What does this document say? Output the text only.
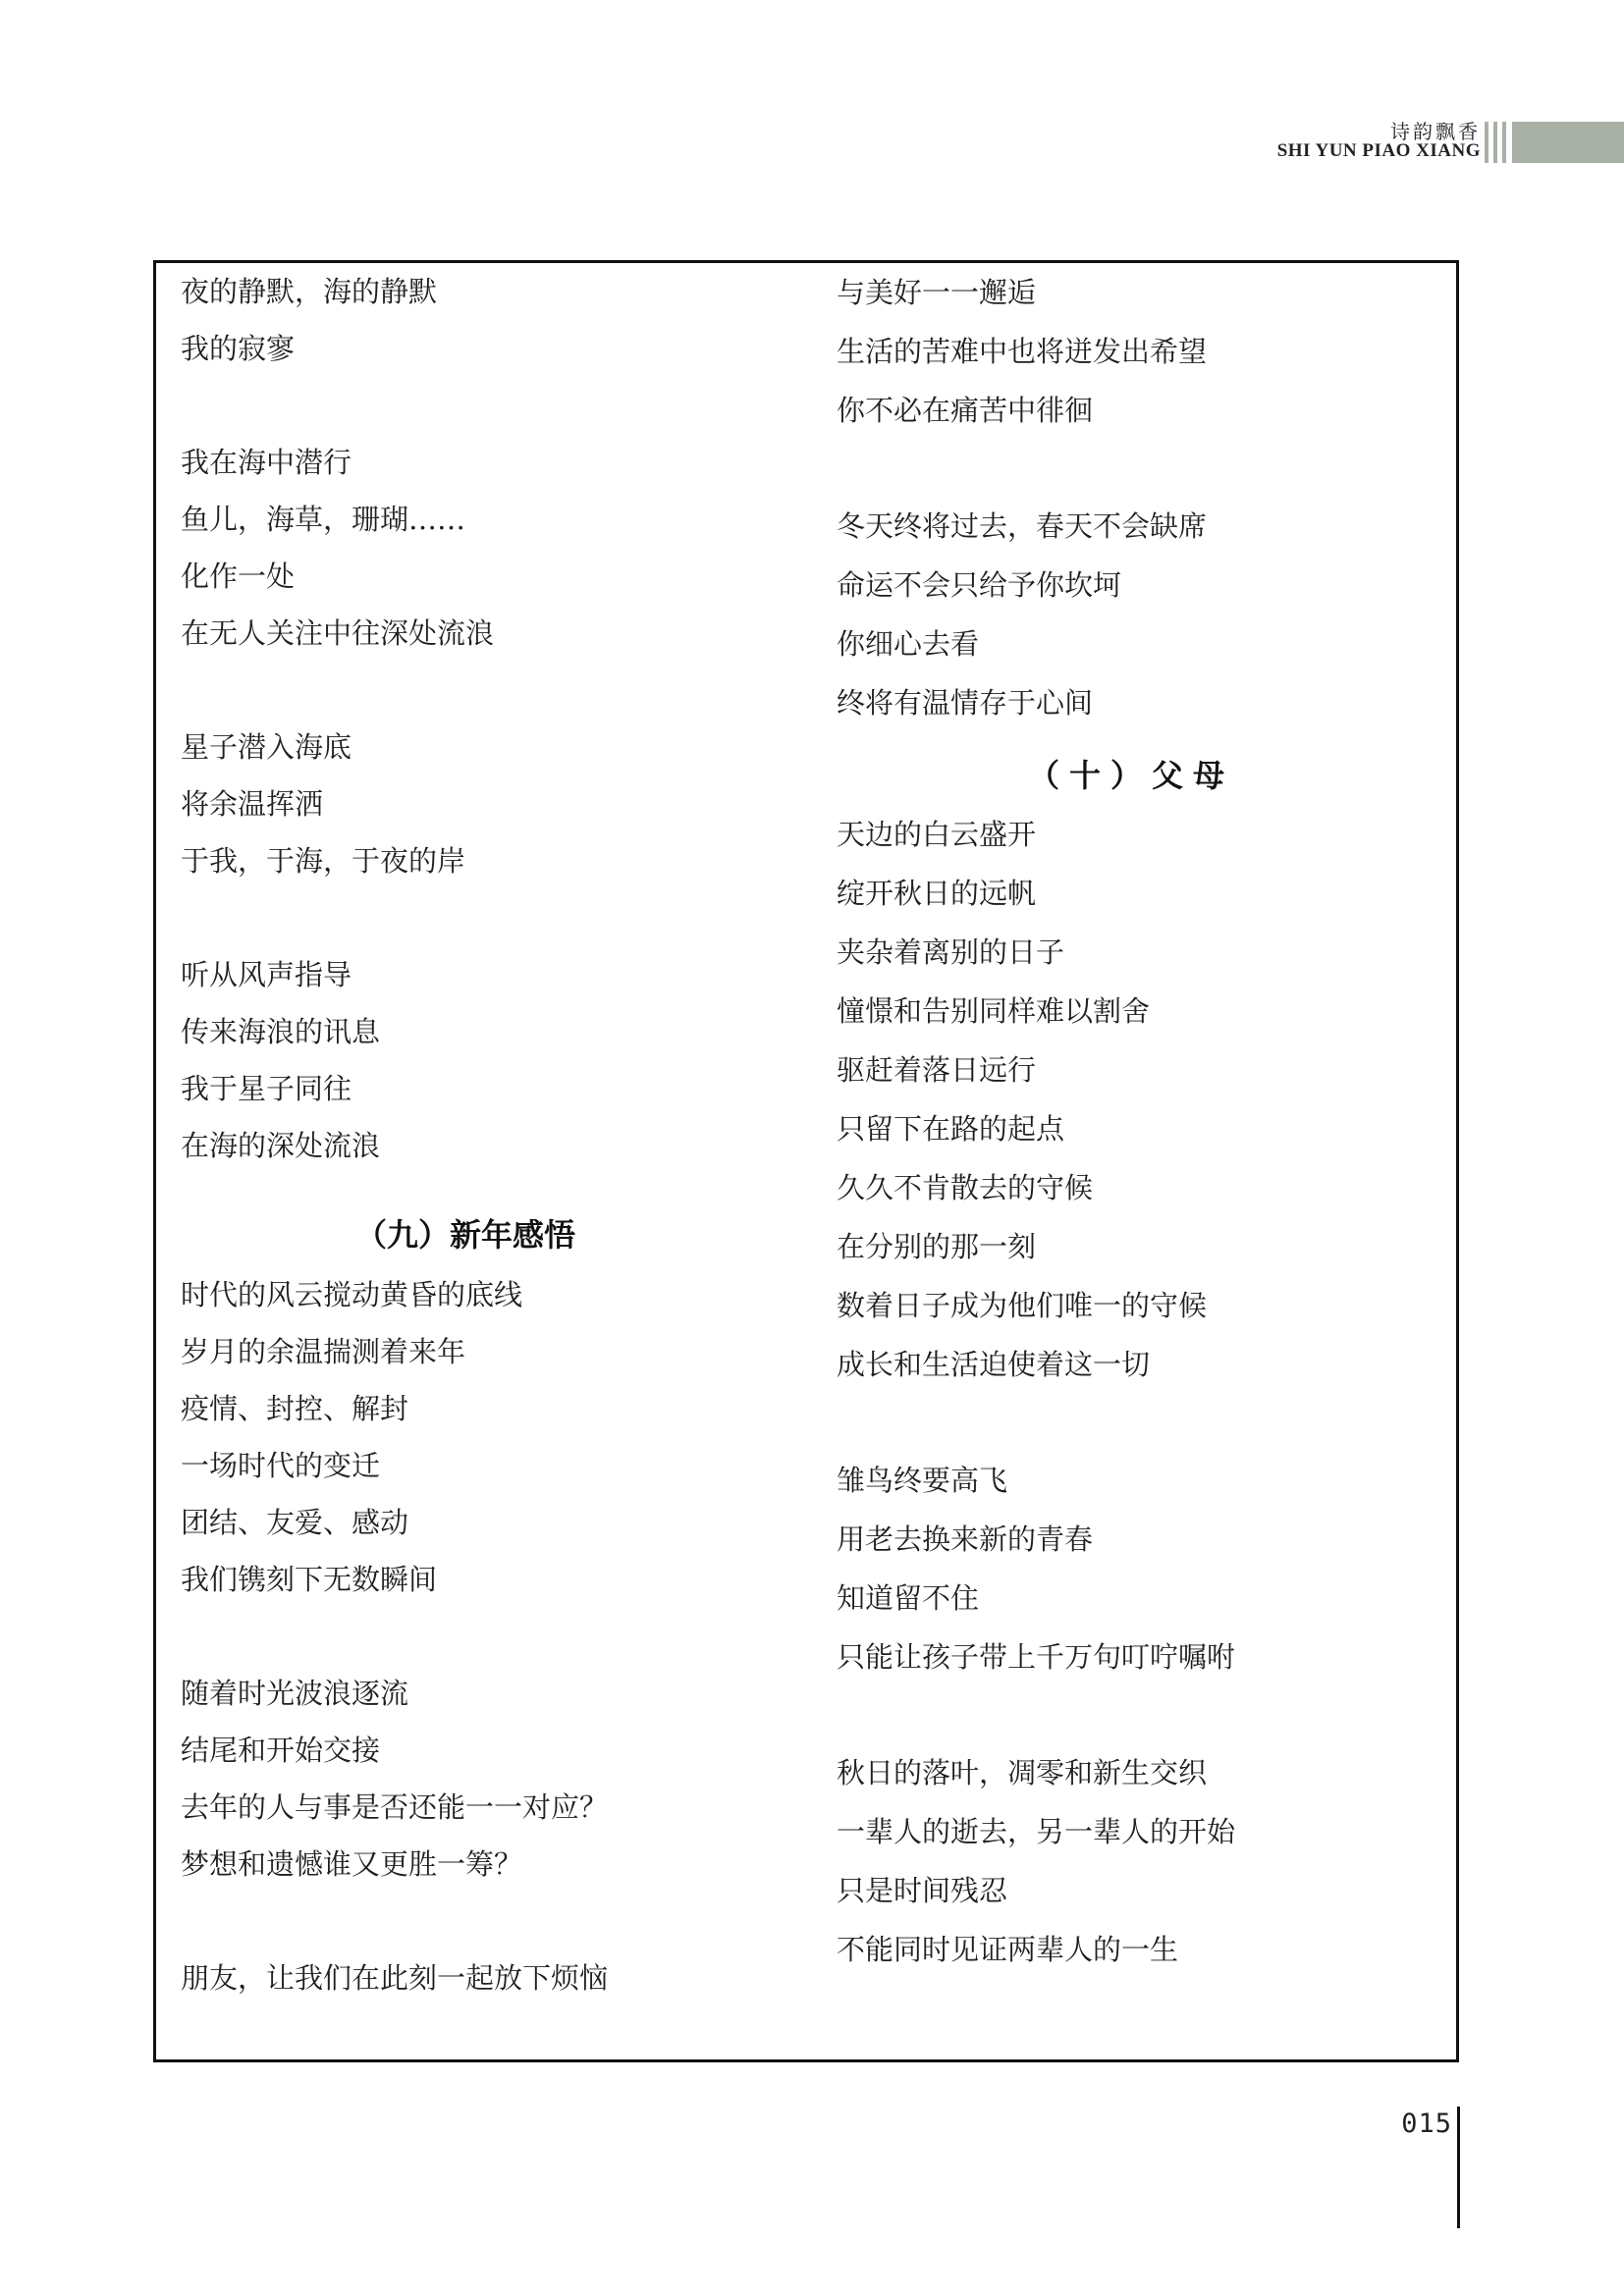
诗韵飘香
SHI YUN PIAO XIANG
夜的静默，海的静默
我的寂寥
我在海中潜行
鱼儿，海草，珊瑚……
化作一处
在无人关注中往深处流浪
星子潜入海底
将余温挥洒
于我，于海，于夜的岸
听从风声指导
传来海浪的讯息
我于星子同往
在海的深处流浪
（九）新年感悟
时代的风云搅动黄昏的底线
岁月的余温揣测着来年
疫情、封控、解封
一场时代的变迁
团结、友爱、感动
我们镌刻下无数瞬间
随着时光波浪逐流
结尾和开始交接
去年的人与事是否还能一一对应？
梦想和遗憾谁又更胜一筹？
朋友，让我们在此刻一起放下烦恼
与美好一一邂逅
生活的苦难中也将迸发出希望
你不必在痛苦中徘徊
冬天终将过去，春天不会缺席
命运不会只给予你坎坷
你细心去看
终将有温情存于心间
（十）父母
天边的白云盛开
绽开秋日的远帆
夹杂着离别的日子
憧憬和告别同样难以割舍
驱赶着落日远行
只留下在路的起点
久久不肯散去的守候
在分别的那一刻
数着日子成为他们唯一的守候
成长和生活迫使着这一切
雏鸟终要高飞
用老去换来新的青春
知道留不住
只能让孩子带上千万句叮咛嘱咐
秋日的落叶，凋零和新生交织
一辈人的逝去，另一辈人的开始
只是时间残忍
不能同时见证两辈人的一生
015
